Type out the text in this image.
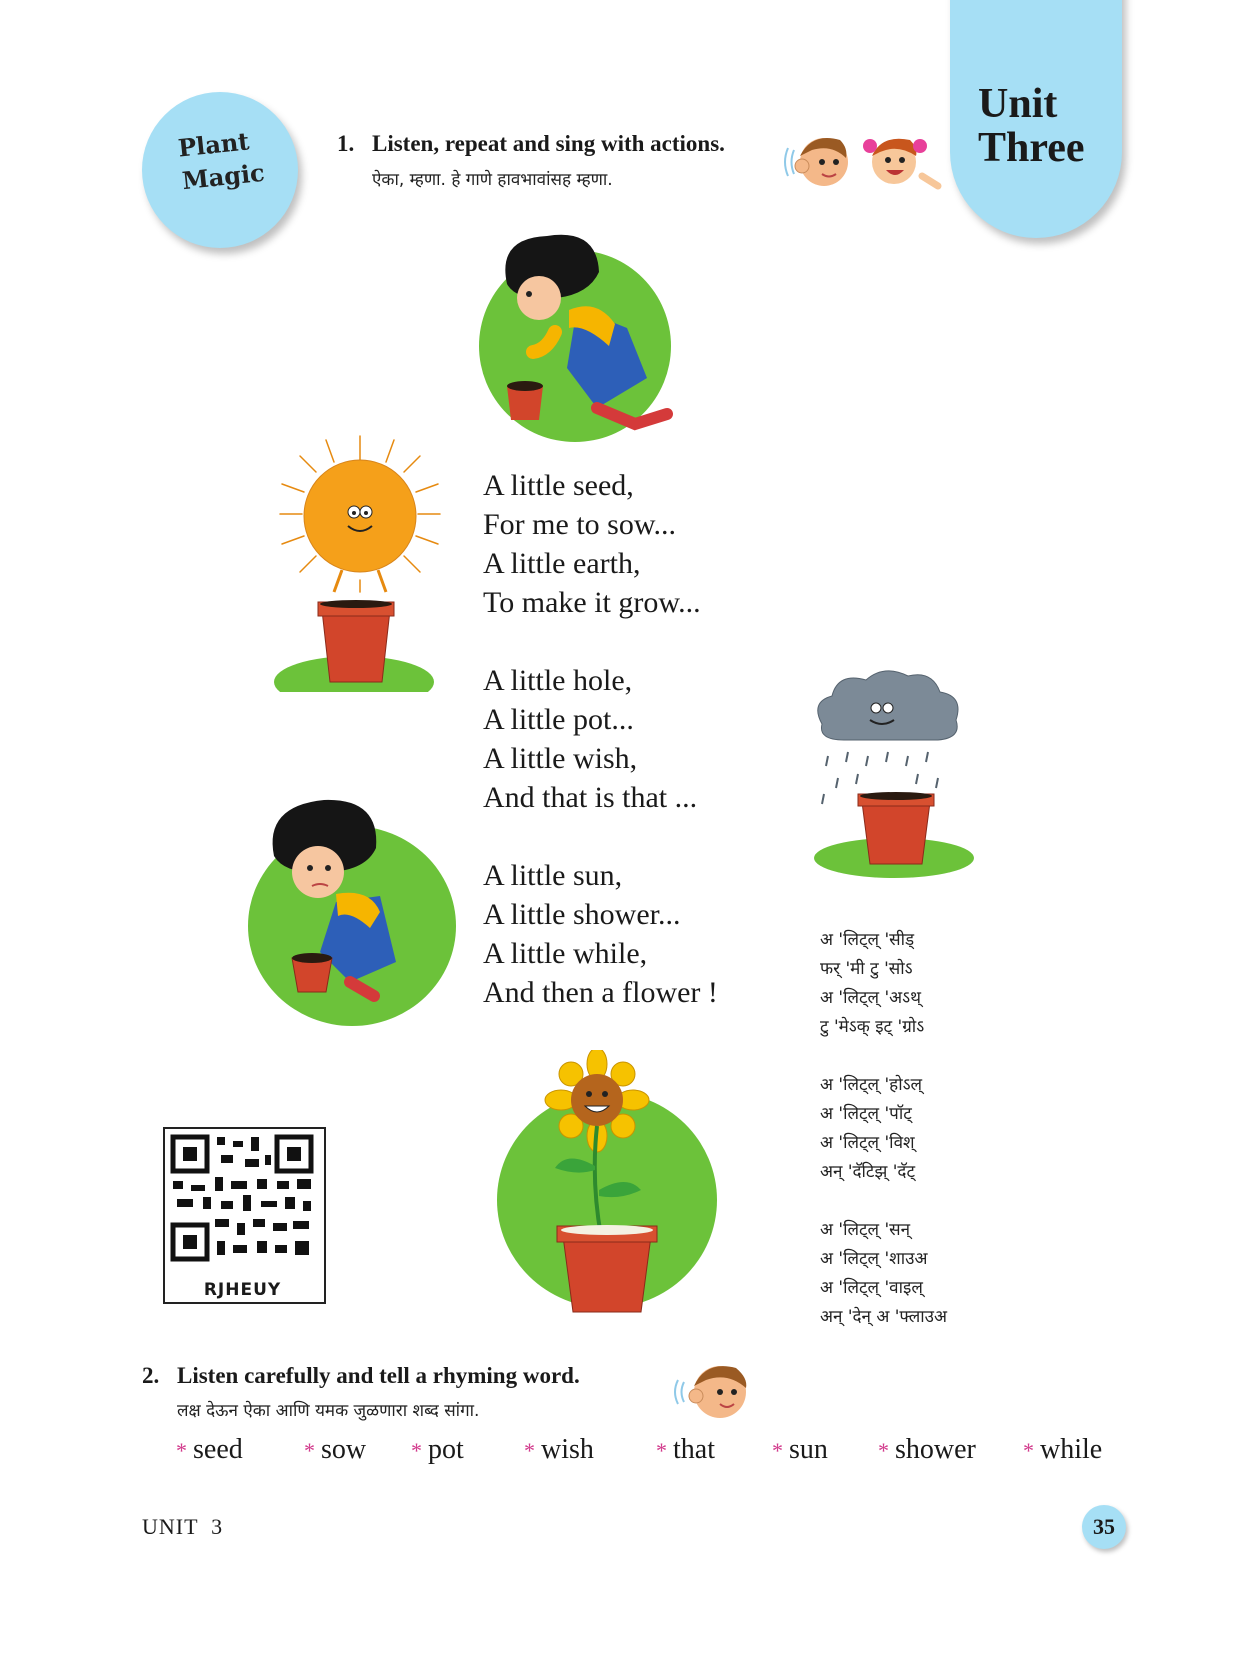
Unit
Three
Plant
Magic
1. Listen, repeat and sing with actions.
ऐका, म्हणा. हे गाणे हावभावांसह म्हणा.
A little seed,
For me to sow...
A little earth,
To make it grow...
A little hole,
A little pot...
A little wish,
And that is that ...
A little sun,
A little shower...
A little while,
And then a flower !
अ 'लिट्‌ल् 'सीड्
फर् 'मी टु 'सोऽ
अ 'लिट्‌ल् 'अऽथ्
टु 'मेऽक् इट् 'ग्रोऽ
अ 'लिट्‌ल् 'होऽल्
अ 'लिट्‌ल् 'पॉट्
अ 'लिट्‌ल् 'विश्
अन् 'दॅटिझ् 'दॅट्
अ 'लिट्‌ल् 'सन्
अ 'लिट्‌ल् 'शाउअ
अ 'लिट्‌ल् 'वाइल्
अन् 'देन् अ 'फ्लाउअ
RJHEUY
2. Listen carefully and tell a rhyming word.
लक्ष देऊन ऐका आणि यमक जुळणारा शब्द सांगा.
* seed	* sow * pot	* wish	* that	* sun * shower * while
UNIT  3	35
